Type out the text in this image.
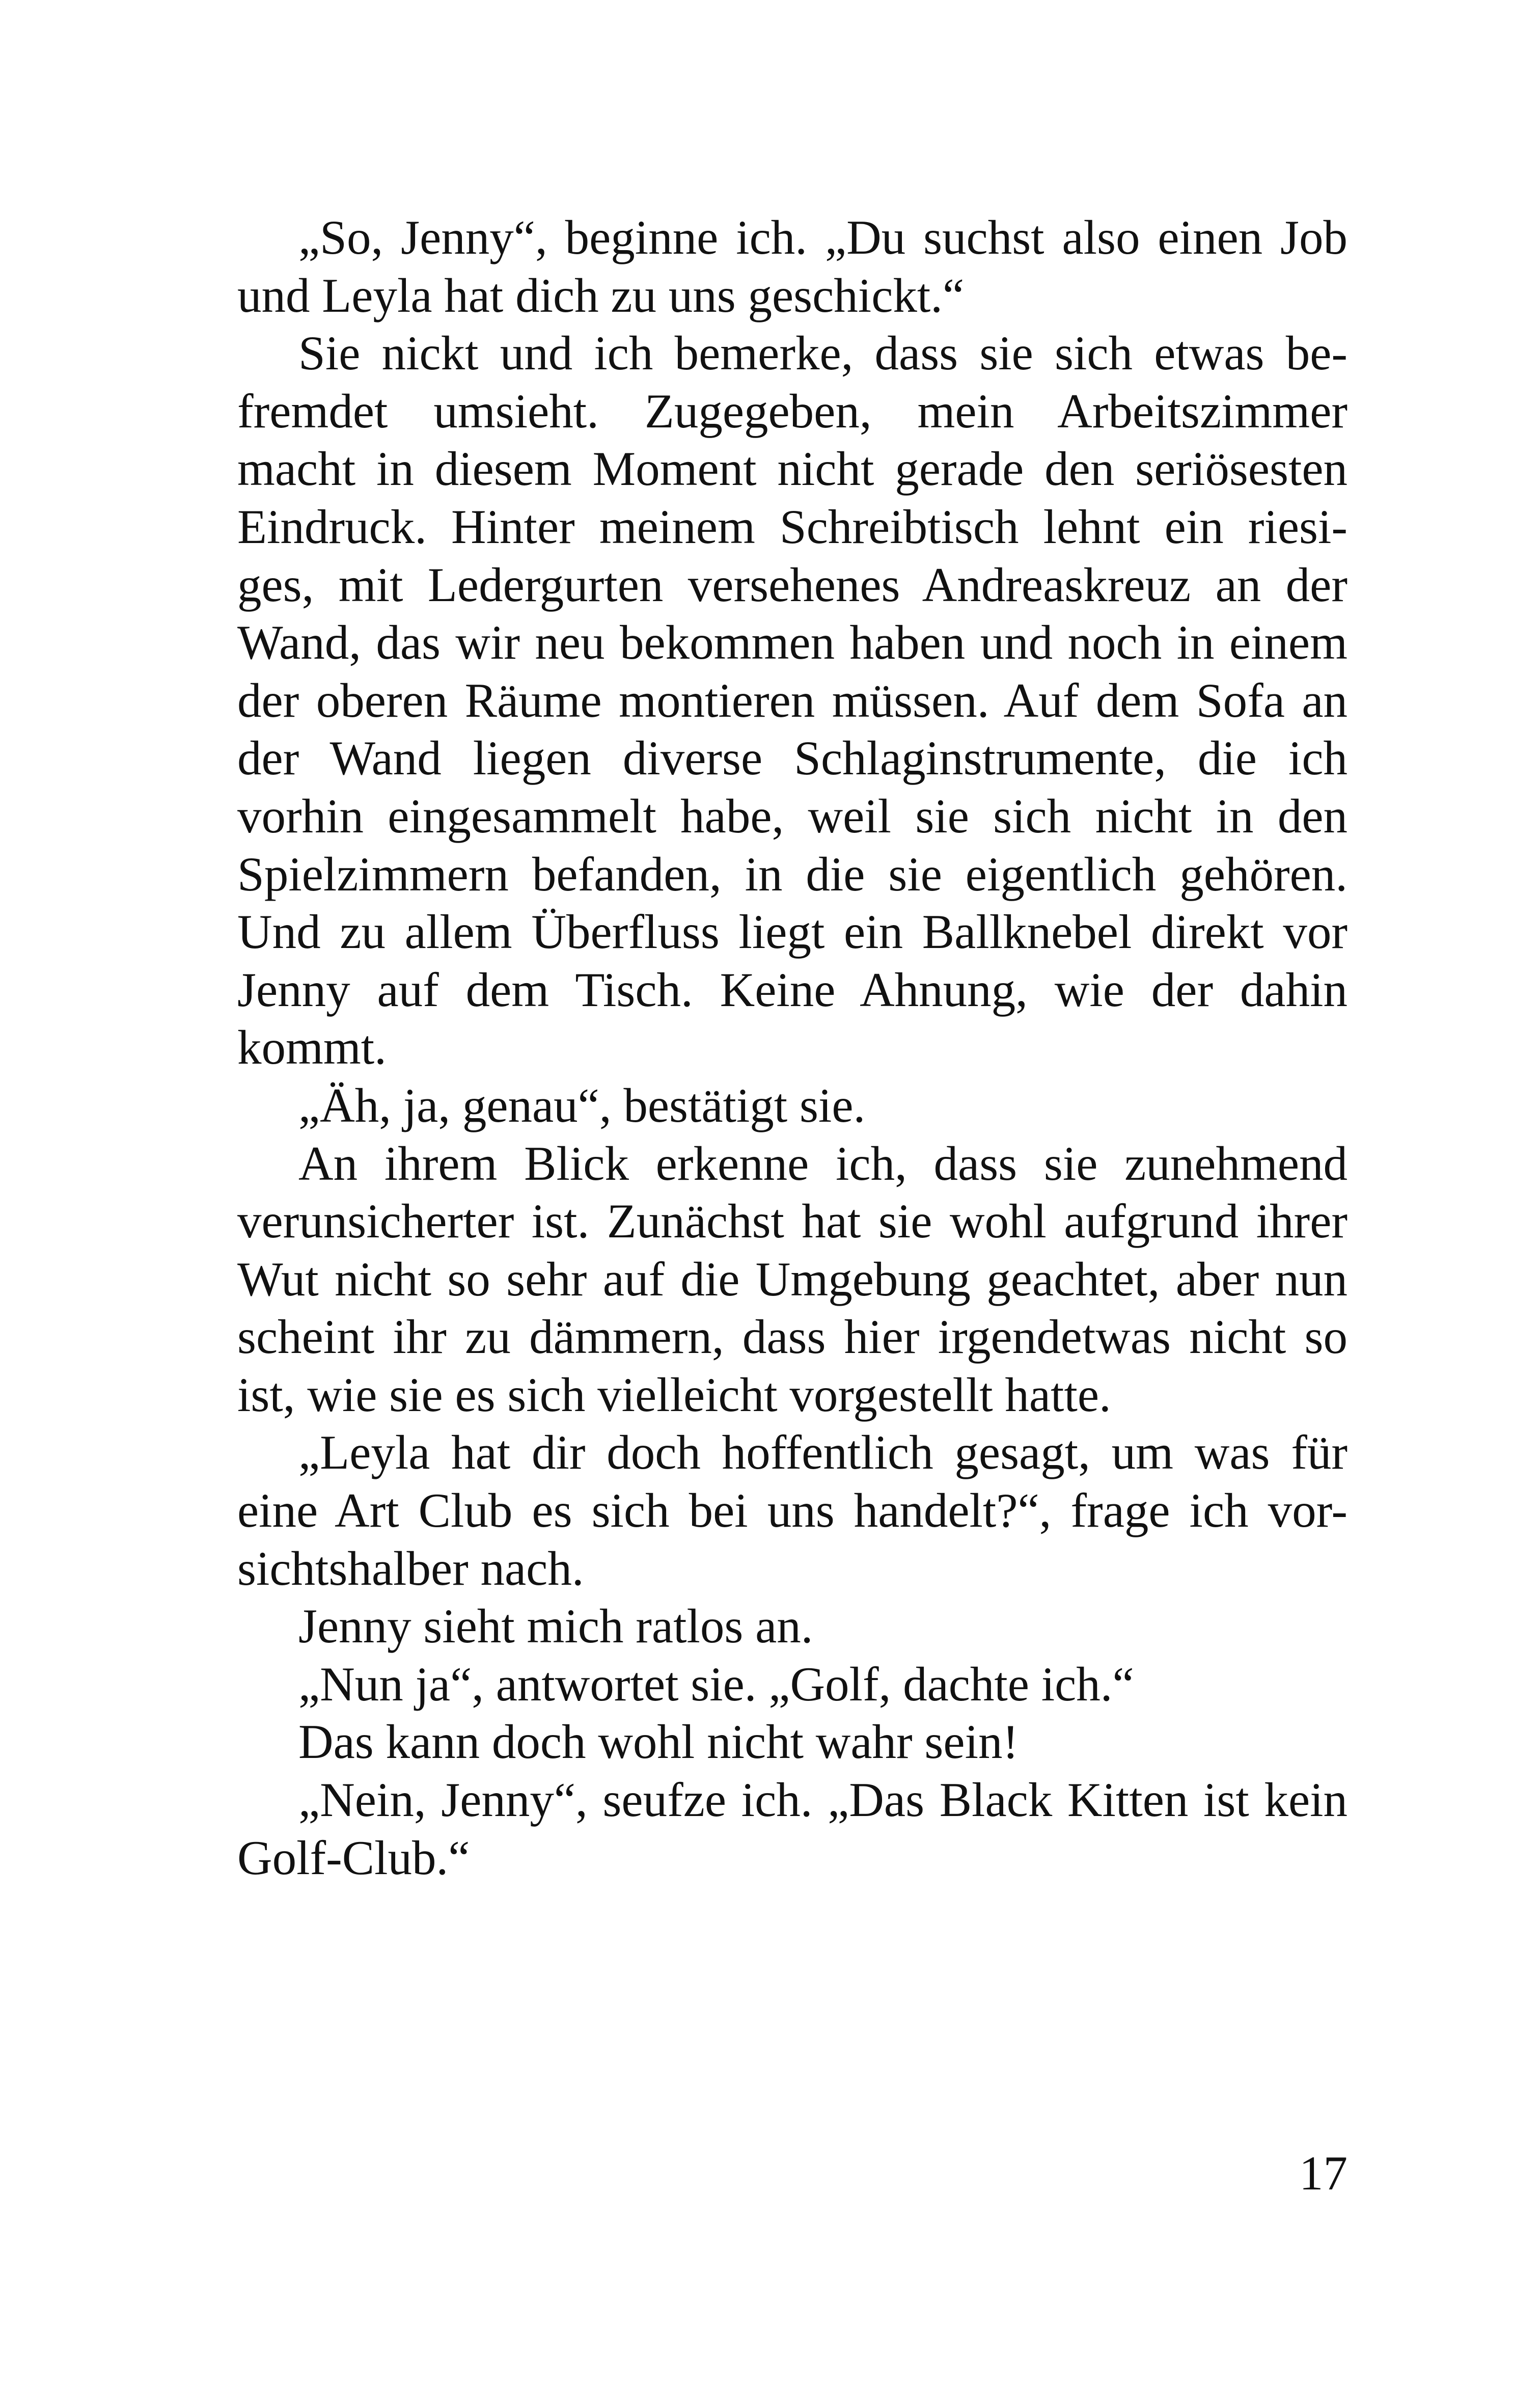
„So, Jenny“, beginne ich. „Du suchst also einen Job
und Leyla hat dich zu uns geschickt.“
Sie nickt und ich bemerke, dass sie sich etwas be-
fremdet umsieht. Zugegeben, mein Arbeitszimmer
macht in diesem Moment nicht gerade den seriösesten
Eindruck. Hinter meinem Schreibtisch lehnt ein riesi-
ges, mit Ledergurten versehenes Andreaskreuz an der
Wand, das wir neu bekommen haben und noch in einem
der oberen Räume montieren müssen. Auf dem Sofa an
der Wand liegen diverse Schlaginstrumente, die ich
vorhin eingesammelt habe, weil sie sich nicht in den
Spielzimmern befanden, in die sie eigentlich gehören.
Und zu allem Überfluss liegt ein Ballknebel direkt vor
Jenny auf dem Tisch. Keine Ahnung, wie der dahin
kommt.
„Äh, ja, genau“, bestätigt sie.
An ihrem Blick erkenne ich, dass sie zunehmend
verunsicherter ist. Zunächst hat sie wohl aufgrund ihrer
Wut nicht so sehr auf die Umgebung geachtet, aber nun
scheint ihr zu dämmern, dass hier irgendetwas nicht so
ist, wie sie es sich vielleicht vorgestellt hatte.
„Leyla hat dir doch hoffentlich gesagt, um was für
eine Art Club es sich bei uns handelt?“, frage ich vor-
sichtshalber nach.
Jenny sieht mich ratlos an.
„Nun ja“, antwortet sie. „Golf, dachte ich.“
Das kann doch wohl nicht wahr sein!
„Nein, Jenny“, seufze ich. „Das Black Kitten ist kein
Golf-Club.“
17
